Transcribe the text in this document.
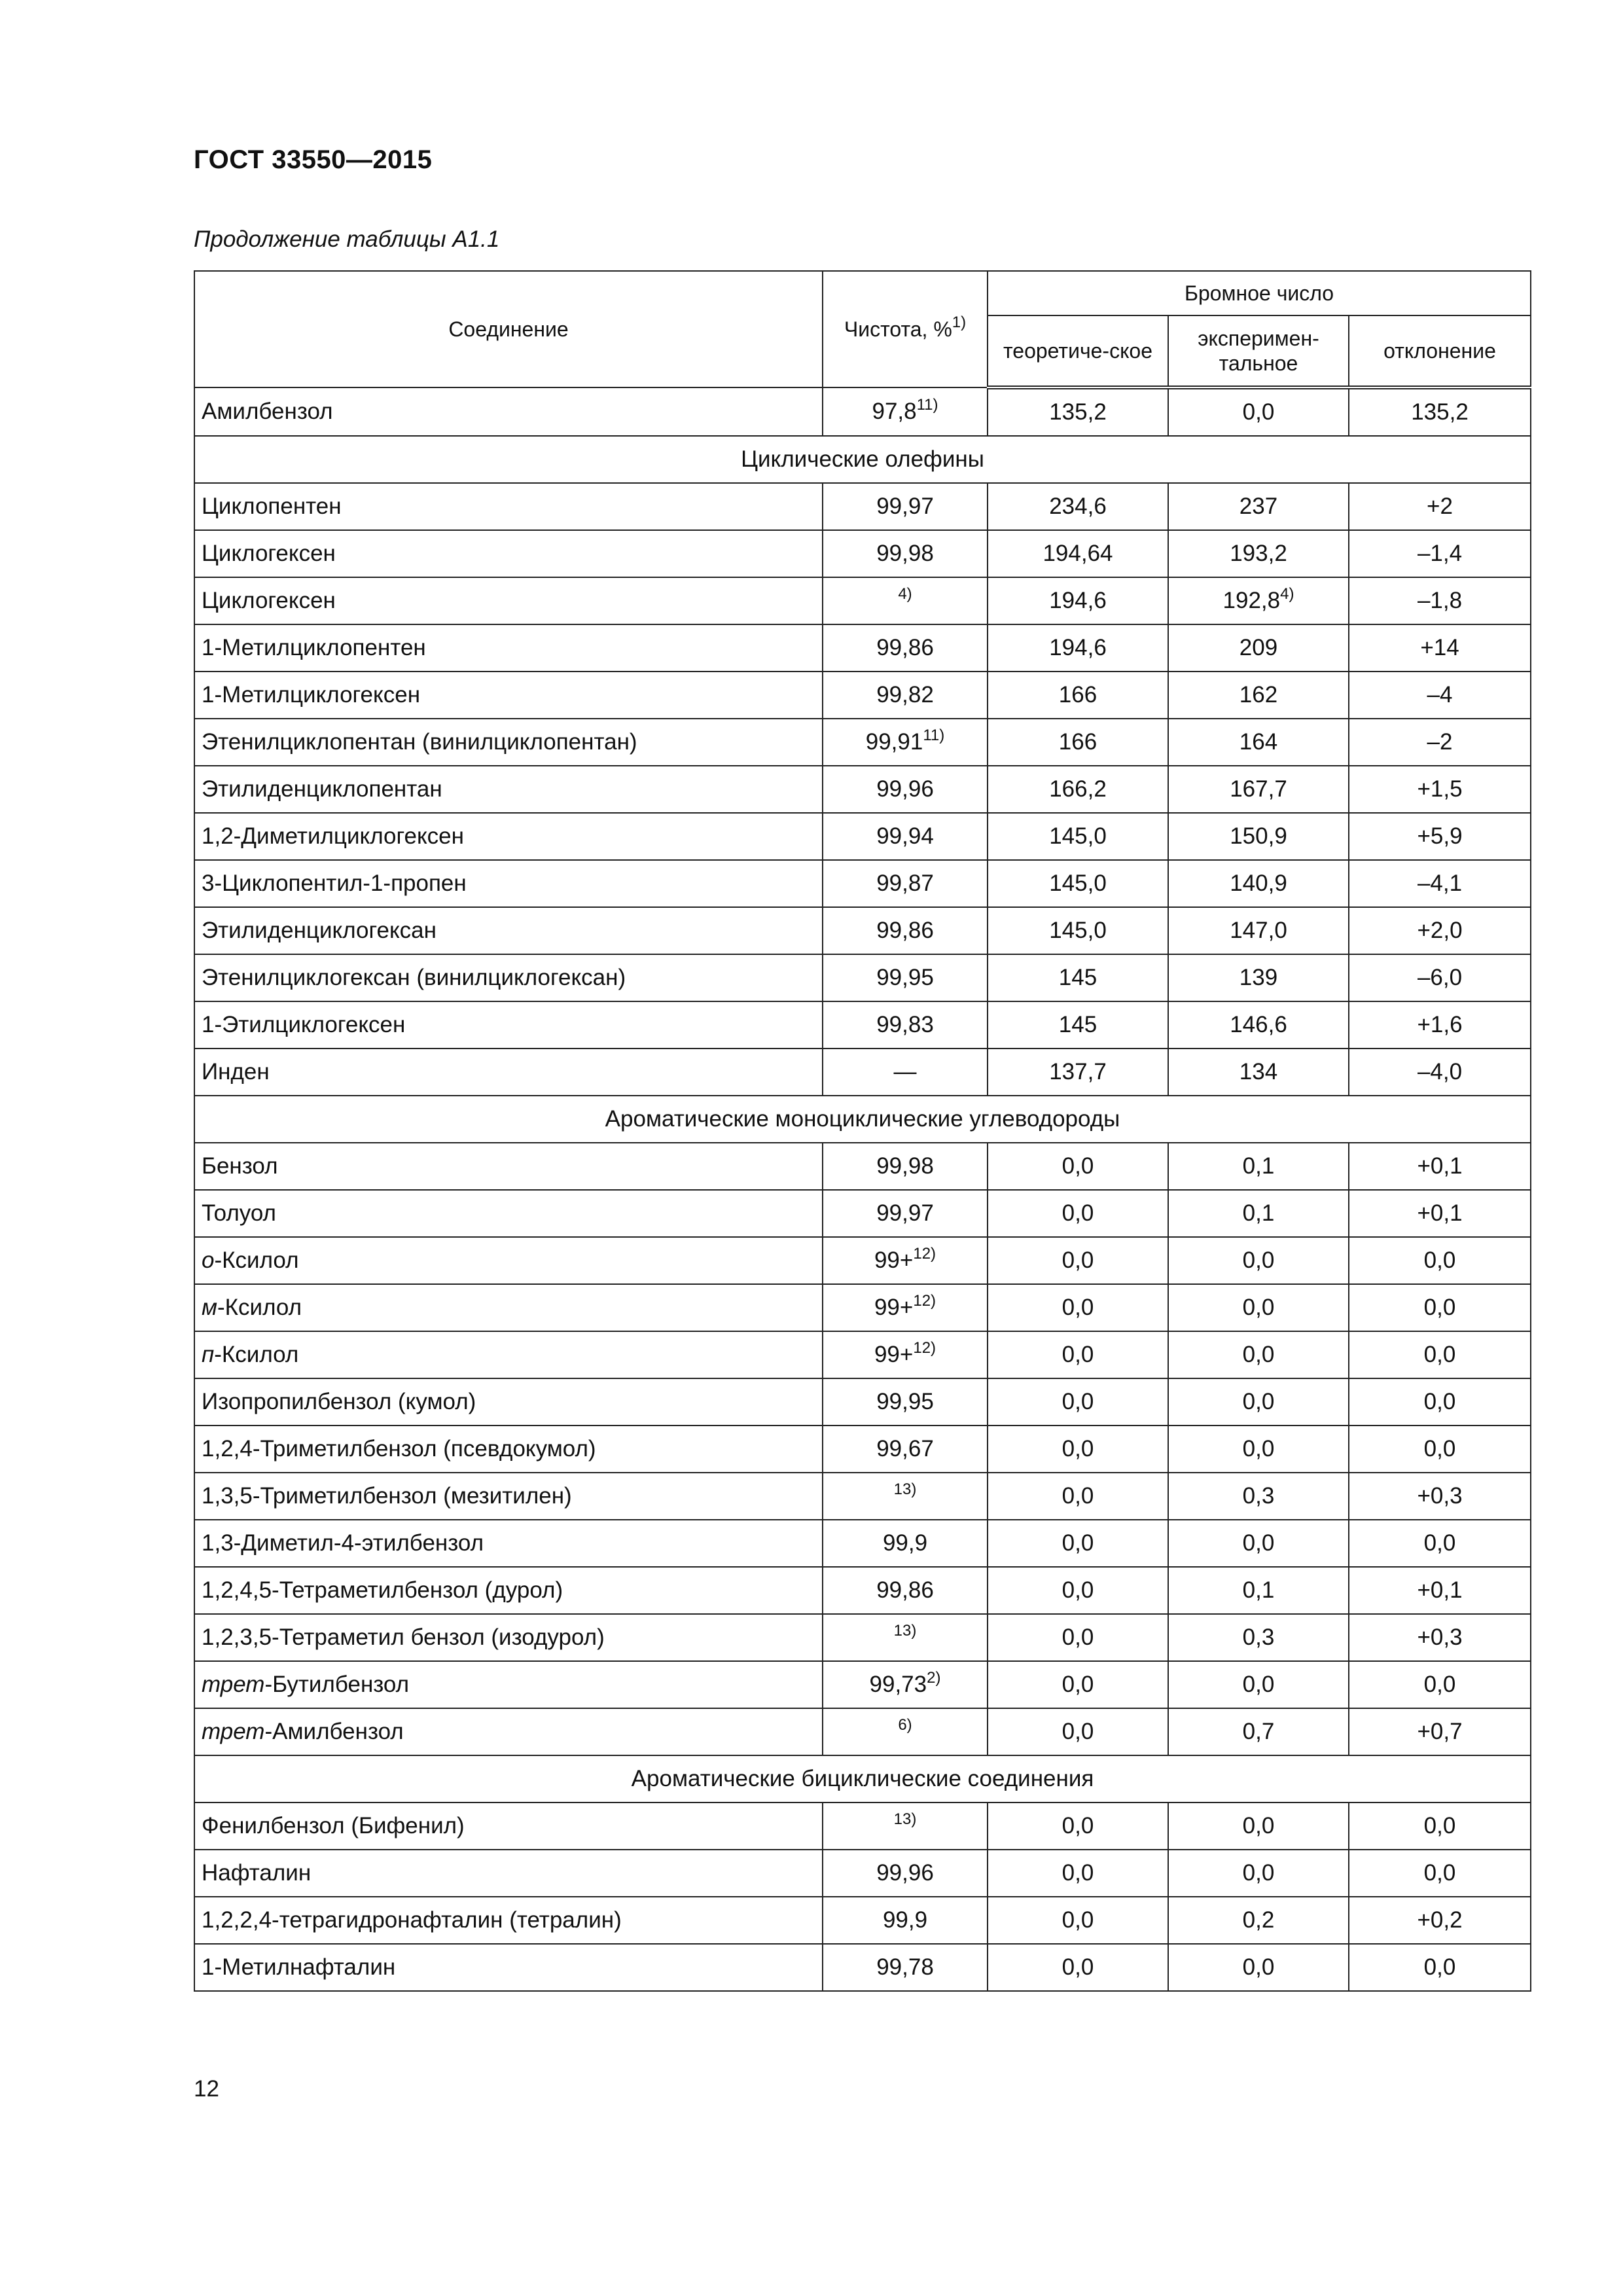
ГОСТ 33550—2015
Продолжение таблицы А1.1
Соединение	Чистота, %$^{1)}$	Бромное число		
		теоретиче-ское	эксперимен-тальное	отклонение
Амилбензол	97,8$^{11)}$	135,2	0,0	135,2
Циклические олефины				
Циклопентен	99,97	234,6	237	+2
Циклогексен	99,98	194,64	193,2	–1,4
Циклогексен	$^{4)}$	194,6	192,8$^{4)}$	–1,8
1-Метилциклопентен	99,86	194,6	209	+14
1-Метилциклогексен	99,82	166	162	–4
Этенилциклопентан (винилциклопентан)	99,91$^{11)}$	166	164	–2
Этилиденциклопентан	99,96	166,2	167,7	+1,5
1,2-Диметилциклогексен	99,94	145,0	150,9	+5,9
3-Циклопентил-1-пропен	99,87	145,0	140,9	–4,1
Этилиденциклогексан	99,86	145,0	147,0	+2,0
Этенилциклогексан (винилциклогексан)	99,95	145	139	–6,0
1-Этилциклогексен	99,83	145	146,6	+1,6
Инден	—	137,7	134	–4,0
Ароматические моноциклические углеводороды				
Бензол	99,98	0,0	0,1	+0,1
Толуол	99,97	0,0	0,1	+0,1
о-Ксилол	99+$^{12)}$	0,0	0,0	0,0
м-Ксилол	99+$^{12)}$	0,0	0,0	0,0
п-Ксилол	99+$^{12)}$	0,0	0,0	0,0
Изопропилбензол (кумол)	99,95	0,0	0,0	0,0
1,2,4-Триметилбензол (псевдокумол)	99,67	0,0	0,0	0,0
1,3,5-Триметилбензол (мезитилен)	$^{13)}$	0,0	0,3	+0,3
1,3-Диметил-4-этилбензол	99,9	0,0	0,0	0,0
1,2,4,5-Тетраметилбензол (дурол)	99,86	0,0	0,1	+0,1
1,2,3,5-Тетраметил бензол (изодурол)	$^{13)}$	0,0	0,3	+0,3
трет-Бутилбензол	99,73$^{2)}$	0,0	0,0	0,0
трет-Амилбензол	$^{6)}$	0,0	0,7	+0,7
Ароматические бициклические соединения				
Фенилбензол (Бифенил)	$^{13)}$	0,0	0,0	0,0
Нафталин	99,96	0,0	0,0	0,0
1,2,2,4-тетрагидронафталин (тетралин)	99,9	0,0	0,2	+0,2
1-Метилнафталин	99,78	0,0	0,0	0,0
12
